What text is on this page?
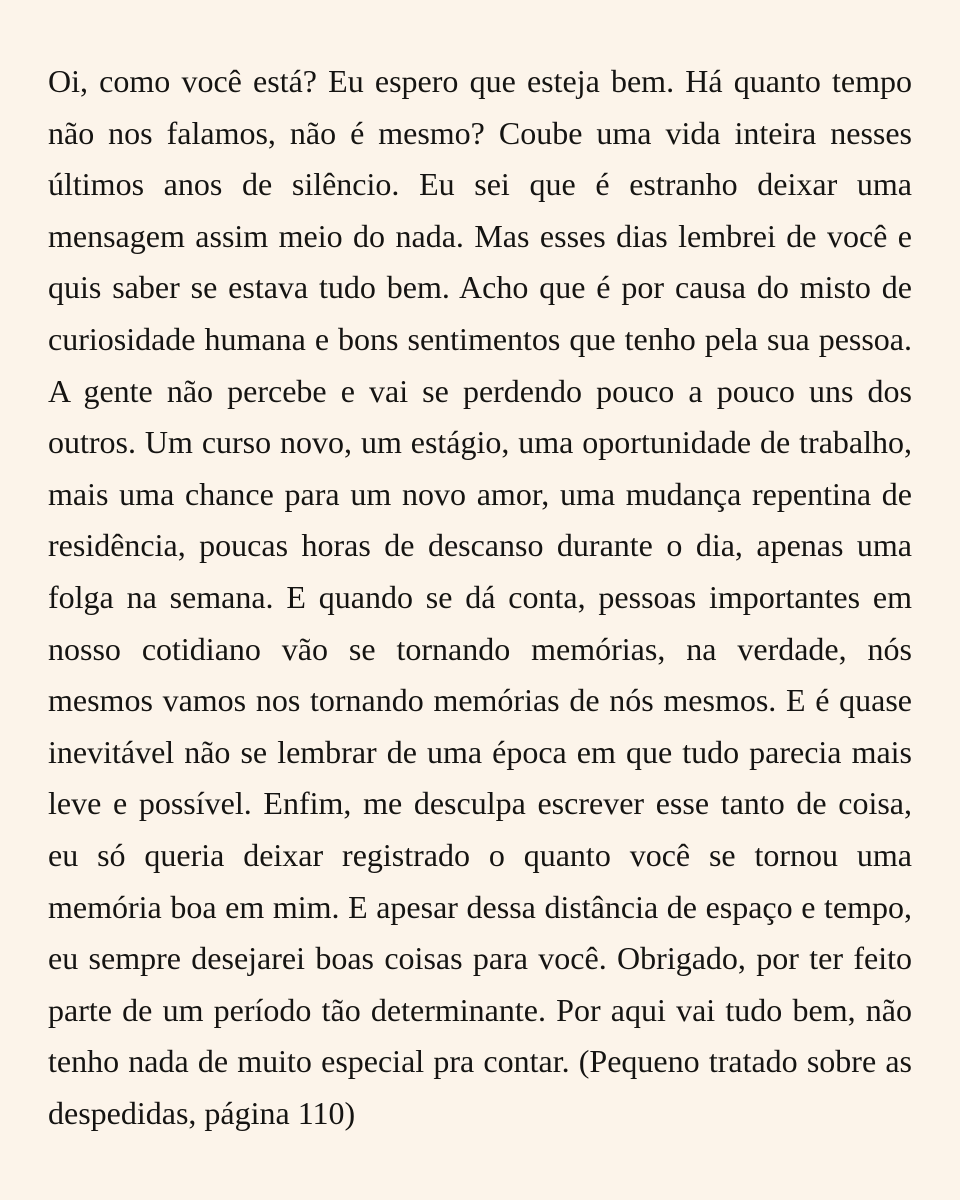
Oi, como você está? Eu espero que esteja bem. Há quanto tempo não nos falamos, não é mesmo? Coube uma vida inteira nesses últimos anos de silêncio. Eu sei que é estranho deixar uma mensagem assim meio do nada. Mas esses dias lembrei de você e quis saber se estava tudo bem. Acho que é por causa do misto de curiosidade humana e bons sentimentos que tenho pela sua pessoa. A gente não percebe e vai se perdendo pouco a pouco uns dos outros. Um curso novo, um estágio, uma oportunidade de trabalho, mais uma chance para um novo amor, uma mudança repentina de residência, poucas horas de descanso durante o dia, apenas uma folga na semana. E quando se dá conta, pessoas importantes em nosso cotidiano vão se tornando memórias, na verdade, nós mesmos vamos nos tornando memórias de nós mesmos. E é quase inevitável não se lembrar de uma época em que tudo parecia mais leve e possível. Enfim, me desculpa escrever esse tanto de coisa, eu só queria deixar registrado o quanto você se tornou uma memória boa em mim. E apesar dessa distância de espaço e tempo, eu sempre desejarei boas coisas para você. Obrigado, por ter feito parte de um período tão determinante. Por aqui vai tudo bem, não tenho nada de muito especial pra contar. (Pequeno tratado sobre as despedidas, página 110)
